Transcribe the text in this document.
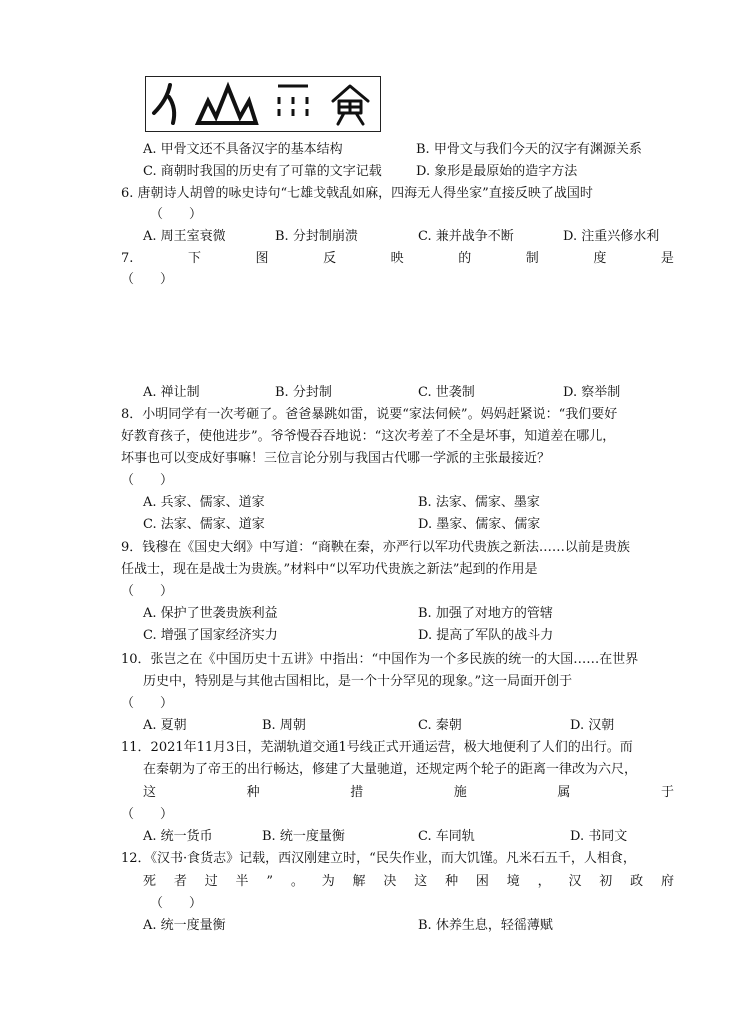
A. 甲骨文还不具备汉字的基本结构	B. 甲骨文与我们今天的汉字有渊源关系
C. 商朝时我国的历史有了可靠的文字记载	D. 象形是最原始的造字方法
6. 唐朝诗人胡曾的咏史诗句“七雄戈戟乱如麻，四海无人得坐家”直接反映了战国时
（　　）
A. 周王室衰微	B. 分封制崩溃	C. 兼并战争不断	D. 注重兴修水利
7.	下	图	反	映	的	制	度	是
（　　）
A. 禅让制	B. 分封制	C. 世袭制	D. 察举制
8．小明同学有一次考砸了。爸爸暴跳如雷，说要“家法伺候”。妈妈赶紧说：“我们要好
好教育孩子，使他进步”。爷爷慢吞吞地说：“这次考差了不全是坏事，知道差在哪儿，
坏事也可以变成好事嘛！三位言论分别与我国古代哪一学派的主张最接近？
（　　）
A. 兵家、儒家、道家	B. 法家、儒家、墨家
C. 法家、儒家、道家	D. 墨家、儒家、儒家
9．钱穆在《国史大纲》中写道：“商鞅在秦，亦严行以军功代贵族之新法……以前是贵族
任战士，现在是战士为贵族。”材料中“以军功代贵族之新法”起到的作用是
（　　）
A. 保护了世袭贵族利益	B. 加强了对地方的管辖
C. 增强了国家经济实力	D. 提高了军队的战斗力
10．张岂之在《中国历史十五讲》中指出：“中国作为一个多民族的统一的大国……在世界
历史中，特别是与其他古国相比，是一个十分罕见的现象。”这一局面开创于
（　　）
A. 夏朝	B. 周朝	C. 秦朝	D. 汉朝
11．2021年11月3日，芜湖轨道交通1号线正式开通运营，极大地便利了人们的出行。而
在秦朝为了帝王的出行畅达，修建了大量驰道，还规定两个轮子的距离一律改为六尺，
这	种	措	施	属	于
（　　）
A. 统一货币	B. 统一度量衡	C. 车同轨	D. 书同文
12．《汉书·食货志》记载，西汉刚建立时，“民失作业，而大饥馑。凡米石五千，人相食，
死 者 过 半 ” 。 为 解 决 这 种 困 境 ， 汉 初 政 府
（　　）
A. 统一度量衡	B. 休养生息，轻徭薄赋
